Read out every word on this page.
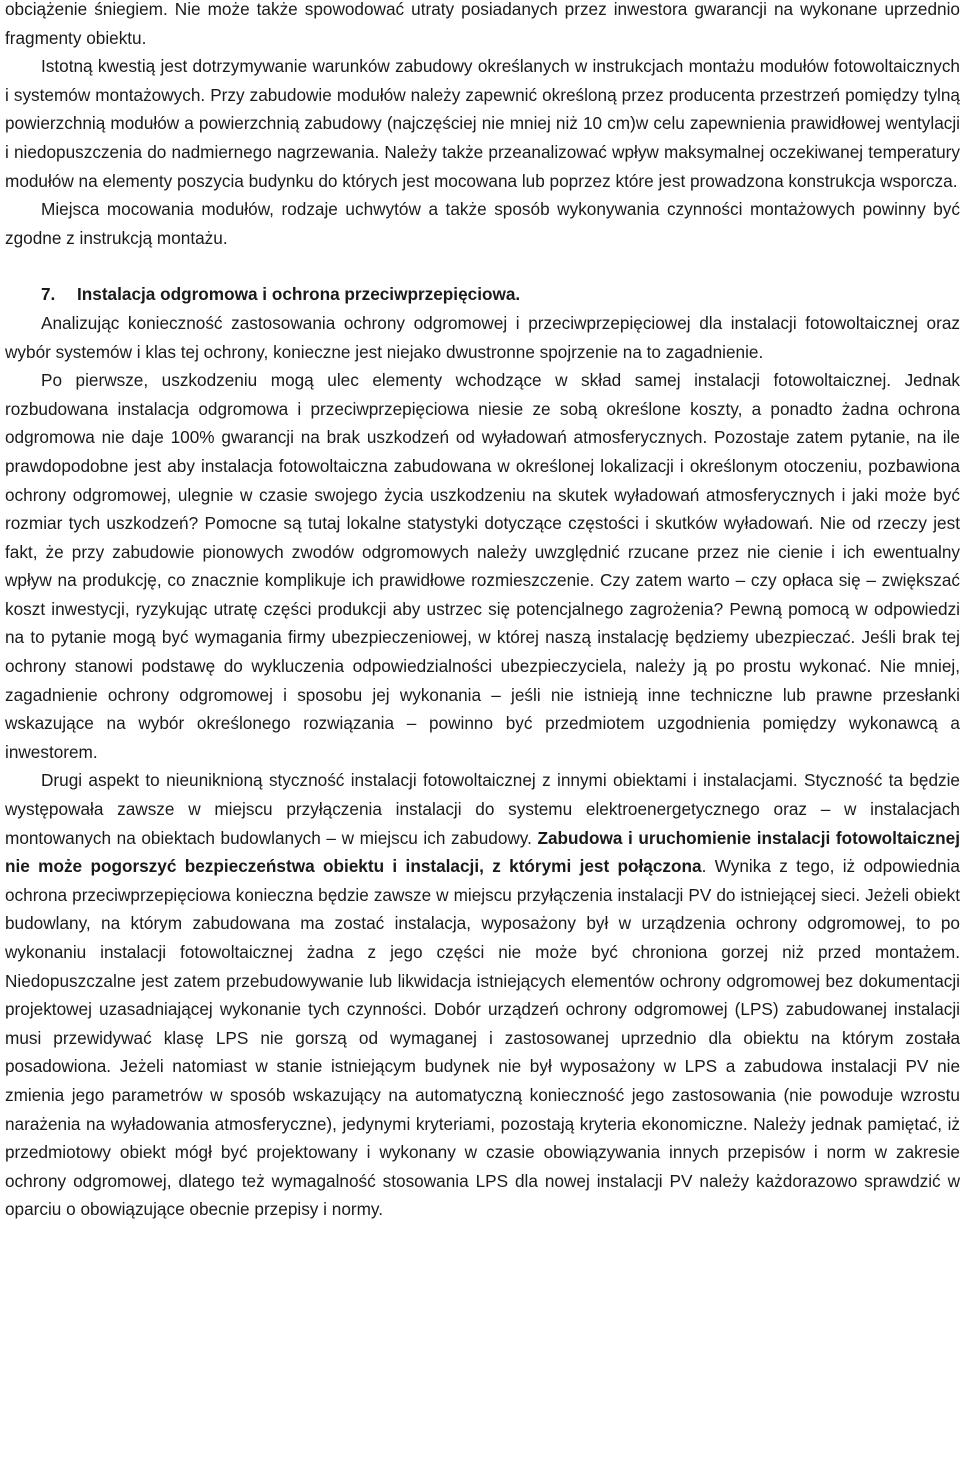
obciążenie śniegiem. Nie może także spowodować utraty posiadanych przez inwestora gwarancji na wykonane uprzednio fragmenty obiektu.

Istotną kwestią jest dotrzymywanie warunków zabudowy określanych w instrukcjach montażu modułów fotowoltaicznych i systemów montażowych. Przy zabudowie modułów należy zapewnić określoną przez producenta przestrzeń pomiędzy tylną powierzchnią modułów a powierzchnią zabudowy (najczęściej nie mniej niż 10 cm)w celu zapewnienia prawidłowej wentylacji i niedopuszczenia do nadmiernego nagrzewania. Należy także przeanalizować wpływ maksymalnej oczekiwanej temperatury modułów na elementy poszycia budynku do których jest mocowana lub poprzez które jest prowadzona konstrukcja wsporcza.

Miejsca mocowania modułów, rodzaje uchwytów a także sposób wykonywania czynności montażowych powinny być zgodne z instrukcją montażu.

7. Instalacja odgromowa i ochrona przeciwprzepięciowa.

Analizując konieczność zastosowania ochrony odgromowej i przeciwprzepięciowej dla instalacji fotowoltaicznej oraz wybór systemów i klas tej ochrony, konieczne jest niejako dwustronne spojrzenie na to zagadnienie.

Po pierwsze, uszkodzeniu mogą ulec elementy wchodzące w skład samej instalacji fotowoltaicznej. Jednak rozbudowana instalacja odgromowa i przeciwprzepięciowa niesie ze sobą określone koszty, a ponadto żadna ochrona odgromowa nie daje 100% gwarancji na brak uszkodzeń od wyładowań atmosferycznych. Pozostaje zatem pytanie, na ile prawdopodobne jest aby instalacja fotowoltaiczna zabudowana w określonej lokalizacji i określonym otoczeniu, pozbawiona ochrony odgromowej, ulegnie w czasie swojego życia uszkodzeniu na skutek wyładowań atmosferycznych i jaki może być rozmiar tych uszkodzeń? Pomocne są tutaj lokalne statystyki dotyczące częstości i skutków wyładowań. Nie od rzeczy jest fakt, że przy zabudowie pionowych zwodów odgromowych należy uwzględnić rzucane przez nie cienie i ich ewentualny wpływ na produkcję, co znacznie komplikuje ich prawidłowe rozmieszczenie. Czy zatem warto – czy opłaca się – zwiększać koszt inwestycji, ryzykując utratę części produkcji aby ustrzec się potencjalnego zagrożenia? Pewną pomocą w odpowiedzi na to pytanie mogą być wymagania firmy ubezpieczeniowej, w której naszą instalację będziemy ubezpieczać. Jeśli brak tej ochrony stanowi podstawę do wykluczenia odpowiedzialności ubezpieczyciela, należy ją po prostu wykonać. Nie mniej, zagadnienie ochrony odgromowej i sposobu jej wykonania – jeśli nie istnieją inne techniczne lub prawne przesłanki wskazujące na wybór określonego rozwiązania – powinno być przedmiotem uzgodnienia pomiędzy wykonawcą a inwestorem.

Drugi aspekt to nieuniknioną styczność instalacji fotowoltaicznej z innymi obiektami i instalacjami. Styczność ta będzie występowała zawsze w miejscu przyłączenia instalacji do systemu elektroenergetycznego oraz – w instalacjach montowanych na obiektach budowlanych – w miejscu ich zabudowy. Zabudowa i uruchomienie instalacji fotowoltaicznej nie może pogorszyć bezpieczeństwa obiektu i instalacji, z którymi jest połączona. Wynika z tego, iż odpowiednia ochrona przeciwprzepięciowa konieczna będzie zawsze w miejscu przyłączenia instalacji PV do istniejącej sieci. Jeżeli obiekt budowlany, na którym zabudowana ma zostać instalacja, wyposażony był w urządzenia ochrony odgromowej, to po wykonaniu instalacji fotowoltaicznej żadna z jego części nie może być chroniona gorzej niż przed montażem. Niedopuszczalne jest zatem przebudowywanie lub likwidacja istniejących elementów ochrony odgromowej bez dokumentacji projektowej uzasadniającej wykonanie tych czynności. Dobór urządzeń ochrony odgromowej (LPS) zabudowanej instalacji musi przewidywać klasę LPS nie gorszą od wymaganej i zastosowanej uprzednio dla obiektu na którym została posadowiona. Jeżeli natomiast w stanie istniejącym budynek nie był wyposażony w LPS a zabudowa instalacji PV nie zmienia jego parametrów w sposób wskazujący na automatyczną konieczność jego zastosowania (nie powoduje wzrostu narażenia na wyładowania atmosferyczne), jedynymi kryteriami, pozostają kryteria ekonomiczne. Należy jednak pamiętać, iż przedmiotowy obiekt mógł być projektowany i wykonany w czasie obowiązywania innych przepisów i norm w zakresie ochrony odgromowej, dlatego też wymagalność stosowania LPS dla nowej instalacji PV należy każdorazowo sprawdzić w oparciu o obowiązujące obecnie przepisy i normy.
